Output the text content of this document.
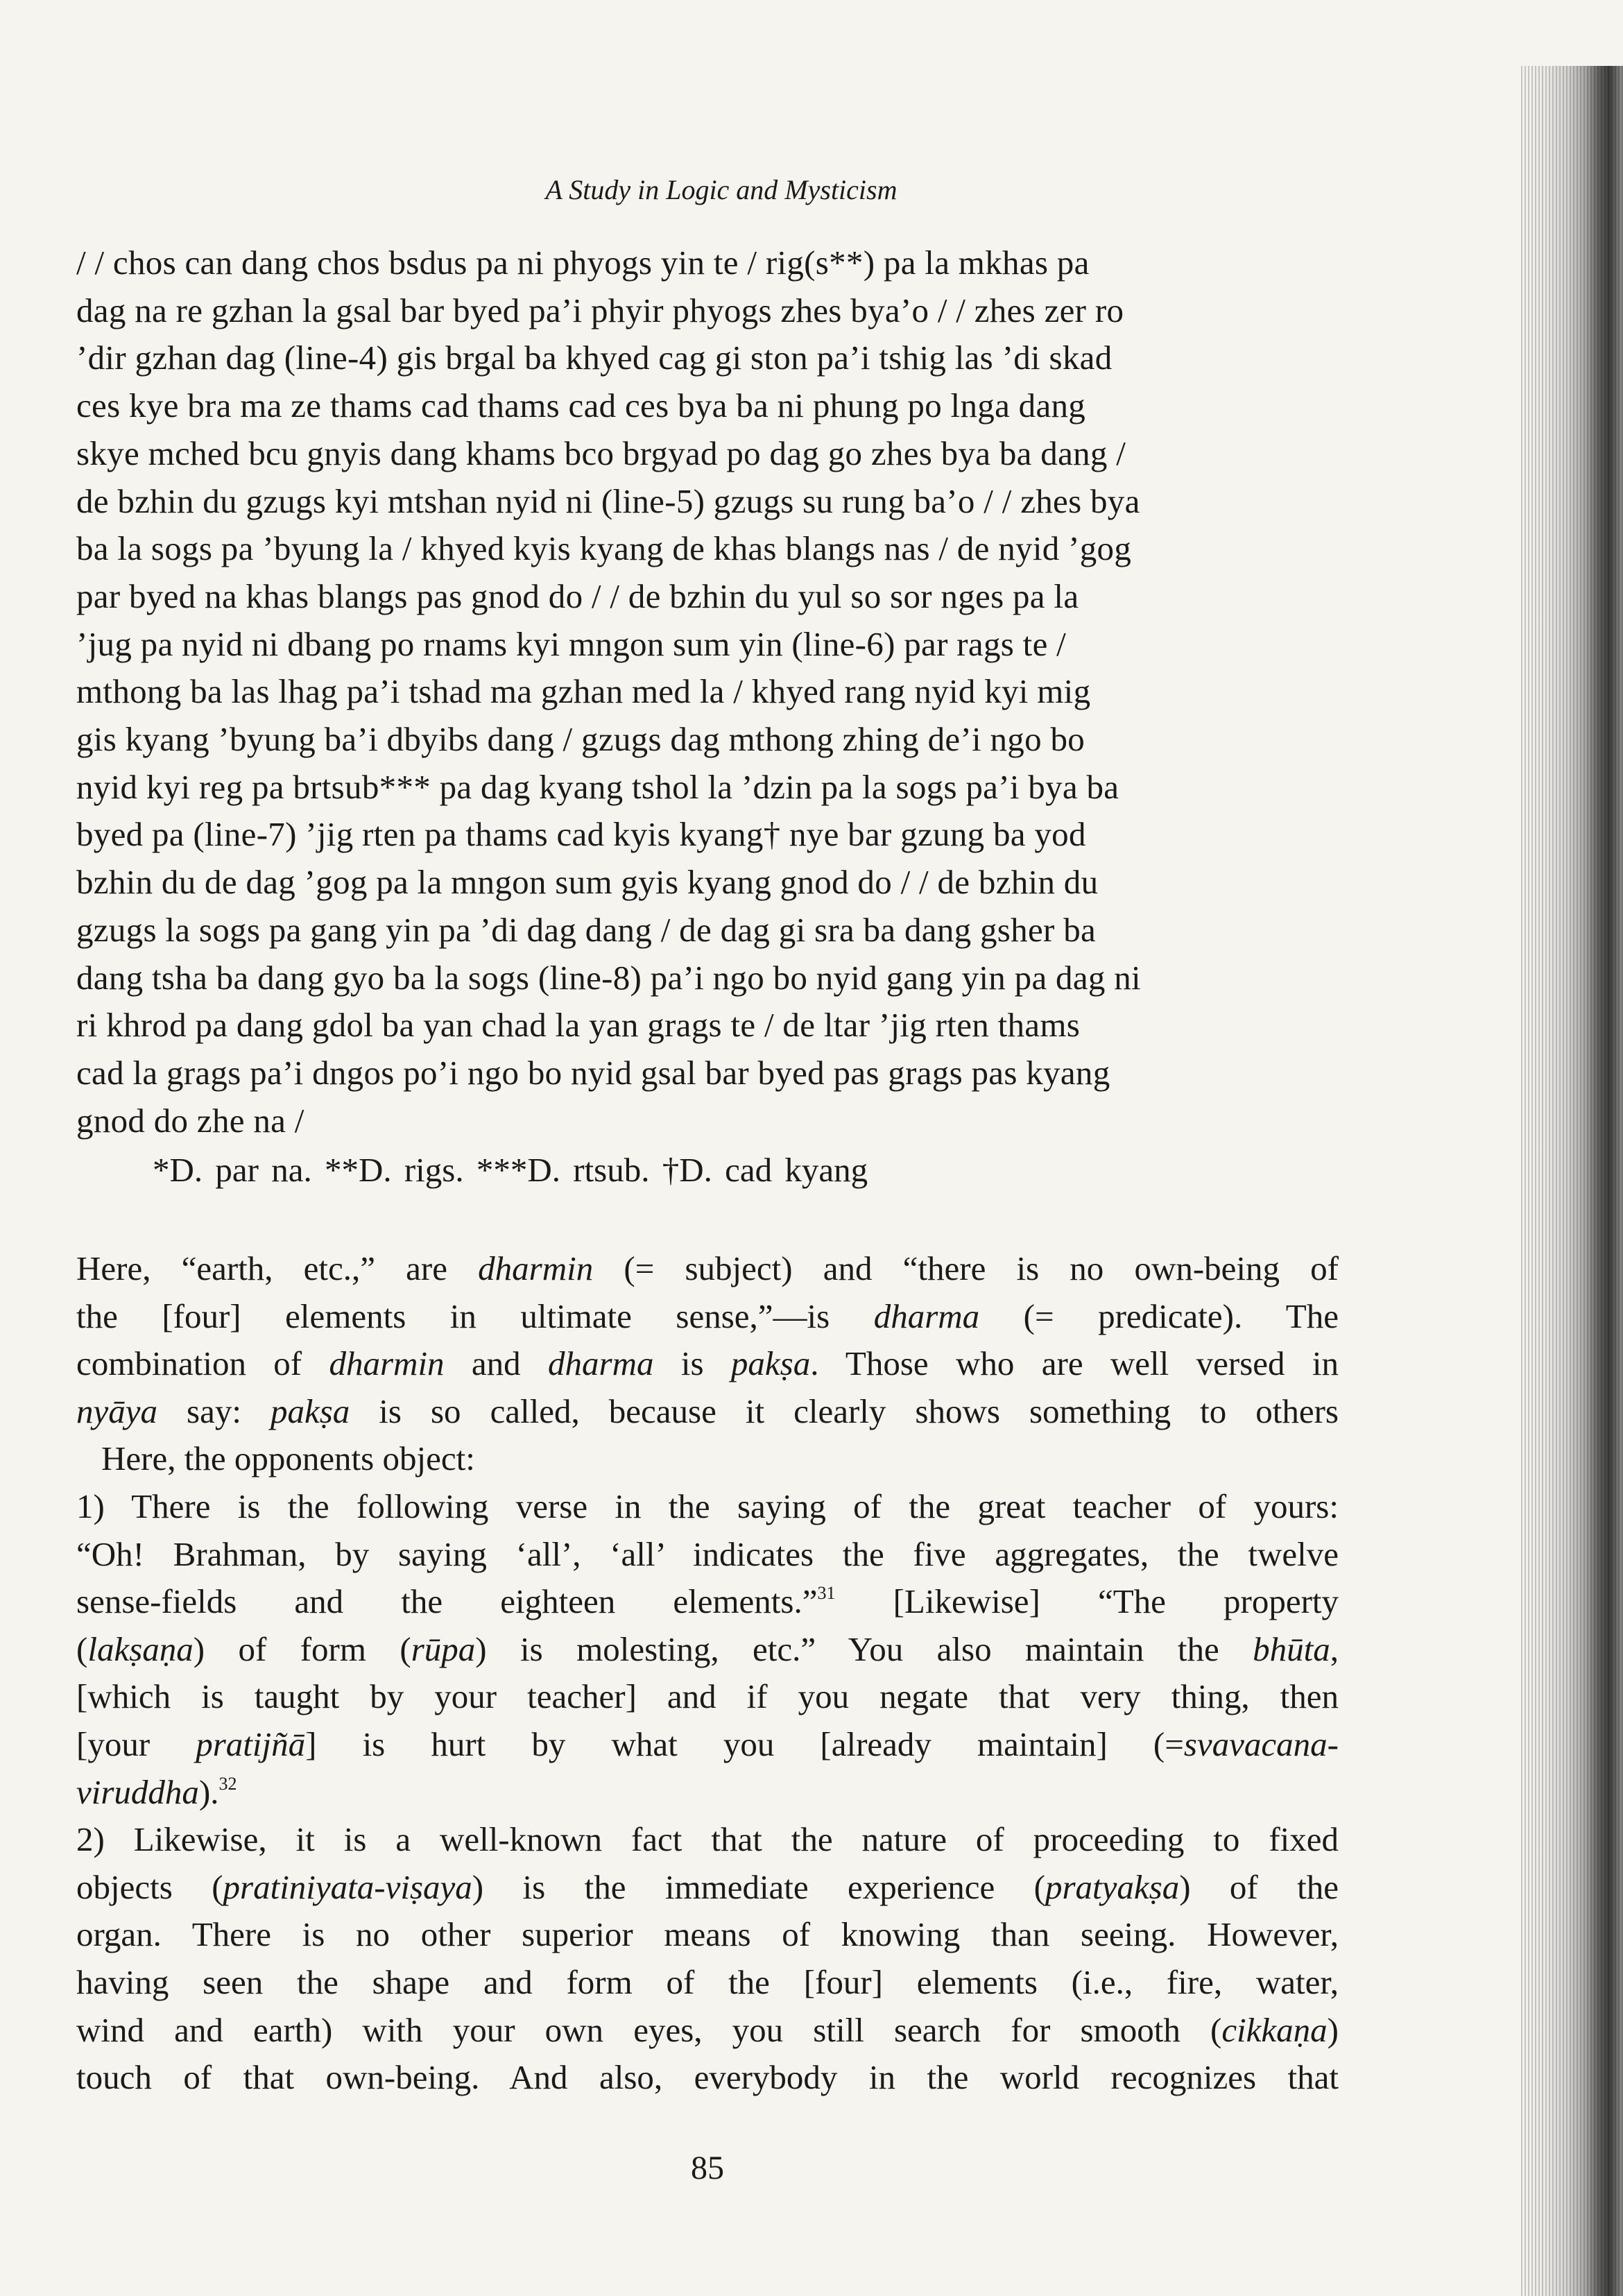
A Study in Logic and Mysticism
/ / chos can dang chos bsdus pa ni phyogs yin te / rig(s**) pa la mkhas pa
dag na re gzhan la gsal bar byed pa’i phyir phyogs zhes bya’o / / zhes zer ro
’dir gzhan dag (line-4) gis brgal ba khyed cag gi ston pa’i tshig las ’di skad
ces kye bra ma ze thams cad thams cad ces bya ba ni phung po lnga dang
skye mched bcu gnyis dang khams bco brgyad po dag go zhes bya ba dang /
de bzhin du gzugs kyi mtshan nyid ni (line-5) gzugs su rung ba’o / / zhes bya
ba la sogs pa ’byung la / khyed kyis kyang de khas blangs nas / de nyid ’gog
par byed na khas blangs pas gnod do / / de bzhin du yul so sor nges pa la
’jug pa nyid ni dbang po rnams kyi mngon sum yin (line-6) par rags te /
mthong ba las lhag pa’i tshad ma gzhan med la / khyed rang nyid kyi mig
gis kyang ’byung ba’i dbyibs dang / gzugs dag mthong zhing de’i ngo bo
nyid kyi reg pa brtsub*** pa dag kyang tshol la ’dzin pa la sogs pa’i bya ba
byed pa (line-7) ’jig rten pa thams cad kyis kyang† nye bar gzung ba yod
bzhin du de dag ’gog pa la mngon sum gyis kyang gnod do / / de bzhin du
gzugs la sogs pa gang yin pa ’di dag dang / de dag gi sra ba dang gsher ba
dang tsha ba dang gyo ba la sogs (line-8) pa’i ngo bo nyid gang yin pa dag ni
ri khrod pa dang gdol ba yan chad la yan grags te / de ltar ’jig rten thams
cad la grags pa’i dngos po’i ngo bo nyid gsal bar byed pas grags pas kyang
gnod do zhe na /
*D. par na. **D. rigs. ***D. rtsub. †D. cad kyang
Here, “earth, etc.,” are dharmin (= subject) and “there is no own-being of
the [four] elements in ultimate sense,”—is dharma (= predicate). The
combination of dharmin and dharma is pakṣa. Those who are well versed in
nyāya say: pakṣa is so called, because it clearly shows something to others
Here, the opponents object:
1) There is the following verse in the saying of the great teacher of yours:
“Oh! Brahman, by saying ‘all’, ‘all’ indicates the five aggregates, the twelve
sense-fields and the eighteen elements.”$^{31}$ [Likewise] “The property
(lakṣaṇa) of form (rūpa) is molesting, etc.” You also maintain the bhūta,
[which is taught by your teacher] and if you negate that very thing, then
[your pratijñā] is hurt by what you [already maintain] (=svavacana-
viruddha).$^{32}$
2) Likewise, it is a well-known fact that the nature of proceeding to fixed
objects (pratiniyata-viṣaya) is the immediate experience (pratyakṣa) of the
organ. There is no other superior means of knowing than seeing. However,
having seen the shape and form of the [four] elements (i.e., fire, water,
wind and earth) with your own eyes, you still search for smooth (cikkaṇa)
touch of that own-being. And also, everybody in the world recognizes that
85
